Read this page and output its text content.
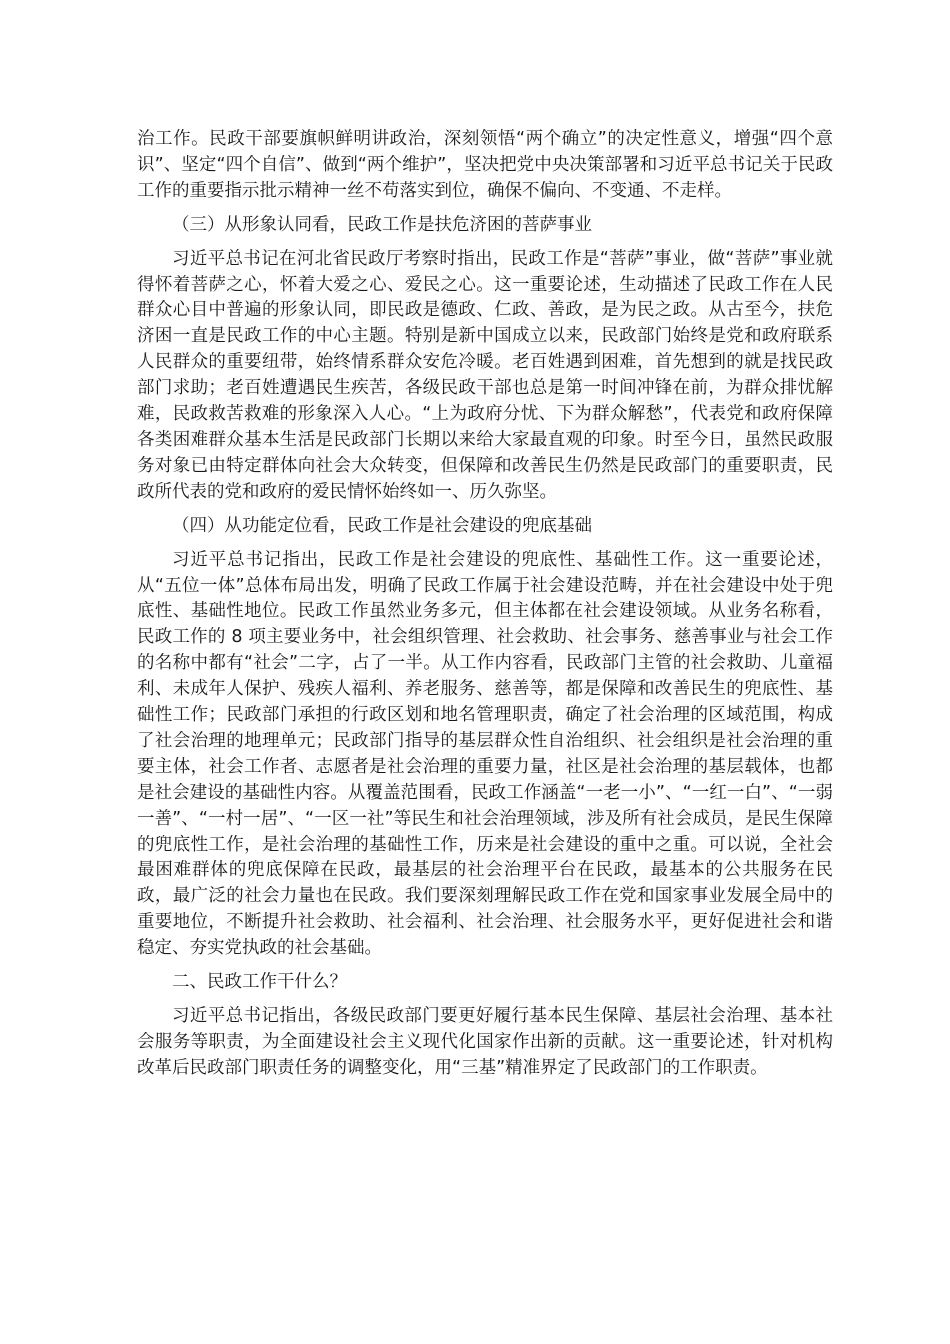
治工作。民政干部要旗帜鲜明讲政治，深刻领悟“两个确立”的决定性意义，增强“四个意识”、坚定“四个自信”、做到“两个维护”，坚决把党中央决策部署和习近平总书记关于民政工作的重要指示批示精神一丝不苟落实到位，确保不偏向、不变通、不走样。

（三）从形象认同看，民政工作是扶危济困的菩萨事业

习近平总书记在河北省民政厅考察时指出，民政工作是“菩萨”事业，做“菩萨”事业就得怀着菩萨之心，怀着大爱之心、爱民之心。这一重要论述，生动描述了民政工作在人民群众心目中普遍的形象认同，即民政是德政、仁政、善政，是为民之政。从古至今，扶危济困一直是民政工作的中心主题。特别是新中国成立以来，民政部门始终是党和政府联系人民群众的重要纽带，始终情系群众安危冷暖。老百姓遇到困难，首先想到的就是找民政部门求助；老百姓遭遇民生疾苦，各级民政干部也总是第一时间冲锋在前，为群众排忧解难，民政救苦救难的形象深入人心。“上为政府分忧、下为群众解愁”，代表党和政府保障各类困难群众基本生活是民政部门长期以来给大家最直观的印象。时至今日，虽然民政服务对象已由特定群体向社会大众转变，但保障和改善民生仍然是民政部门的重要职责，民政所代表的党和政府的爱民情怀始终如一、历久弥坚。

（四）从功能定位看，民政工作是社会建设的兜底基础

习近平总书记指出，民政工作是社会建设的兜底性、基础性工作。这一重要论述，从“五位一体”总体布局出发，明确了民政工作属于社会建设范畴，并在社会建设中处于兜底性、基础性地位。民政工作虽然业务多元，但主体都在社会建设领域。从业务名称看，民政工作的 8 项主要业务中，社会组织管理、社会救助、社会事务、慈善事业与社会工作的名称中都有“社会”二字，占了一半。从工作内容看，民政部门主管的社会救助、儿童福利、未成年人保护、残疾人福利、养老服务、慈善等，都是保障和改善民生的兜底性、基础性工作；民政部门承担的行政区划和地名管理职责，确定了社会治理的区域范围，构成了社会治理的地理单元；民政部门指导的基层群众性自治组织、社会组织是社会治理的重要主体，社会工作者、志愿者是社会治理的重要力量，社区是社会治理的基层载体，也都是社会建设的基础性内容。从覆盖范围看，民政工作涵盖“一老一小”、“一红一白”、“一弱一善”、“一村一居”、“一区一社”等民生和社会治理领域，涉及所有社会成员，是民生保障的兜底性工作，是社会治理的基础性工作，历来是社会建设的重中之重。可以说，全社会最困难群体的兜底保障在民政，最基层的社会治理平台在民政，最基本的公共服务在民政，最广泛的社会力量也在民政。我们要深刻理解民政工作在党和国家事业发展全局中的重要地位，不断提升社会救助、社会福利、社会治理、社会服务水平，更好促进社会和谐稳定、夯实党执政的社会基础。

二、民政工作干什么？

习近平总书记指出，各级民政部门要更好履行基本民生保障、基层社会治理、基本社会服务等职责，为全面建设社会主义现代化国家作出新的贡献。这一重要论述，针对机构改革后民政部门职责任务的调整变化，用“三基”精准界定了民政部门的工作职责。
